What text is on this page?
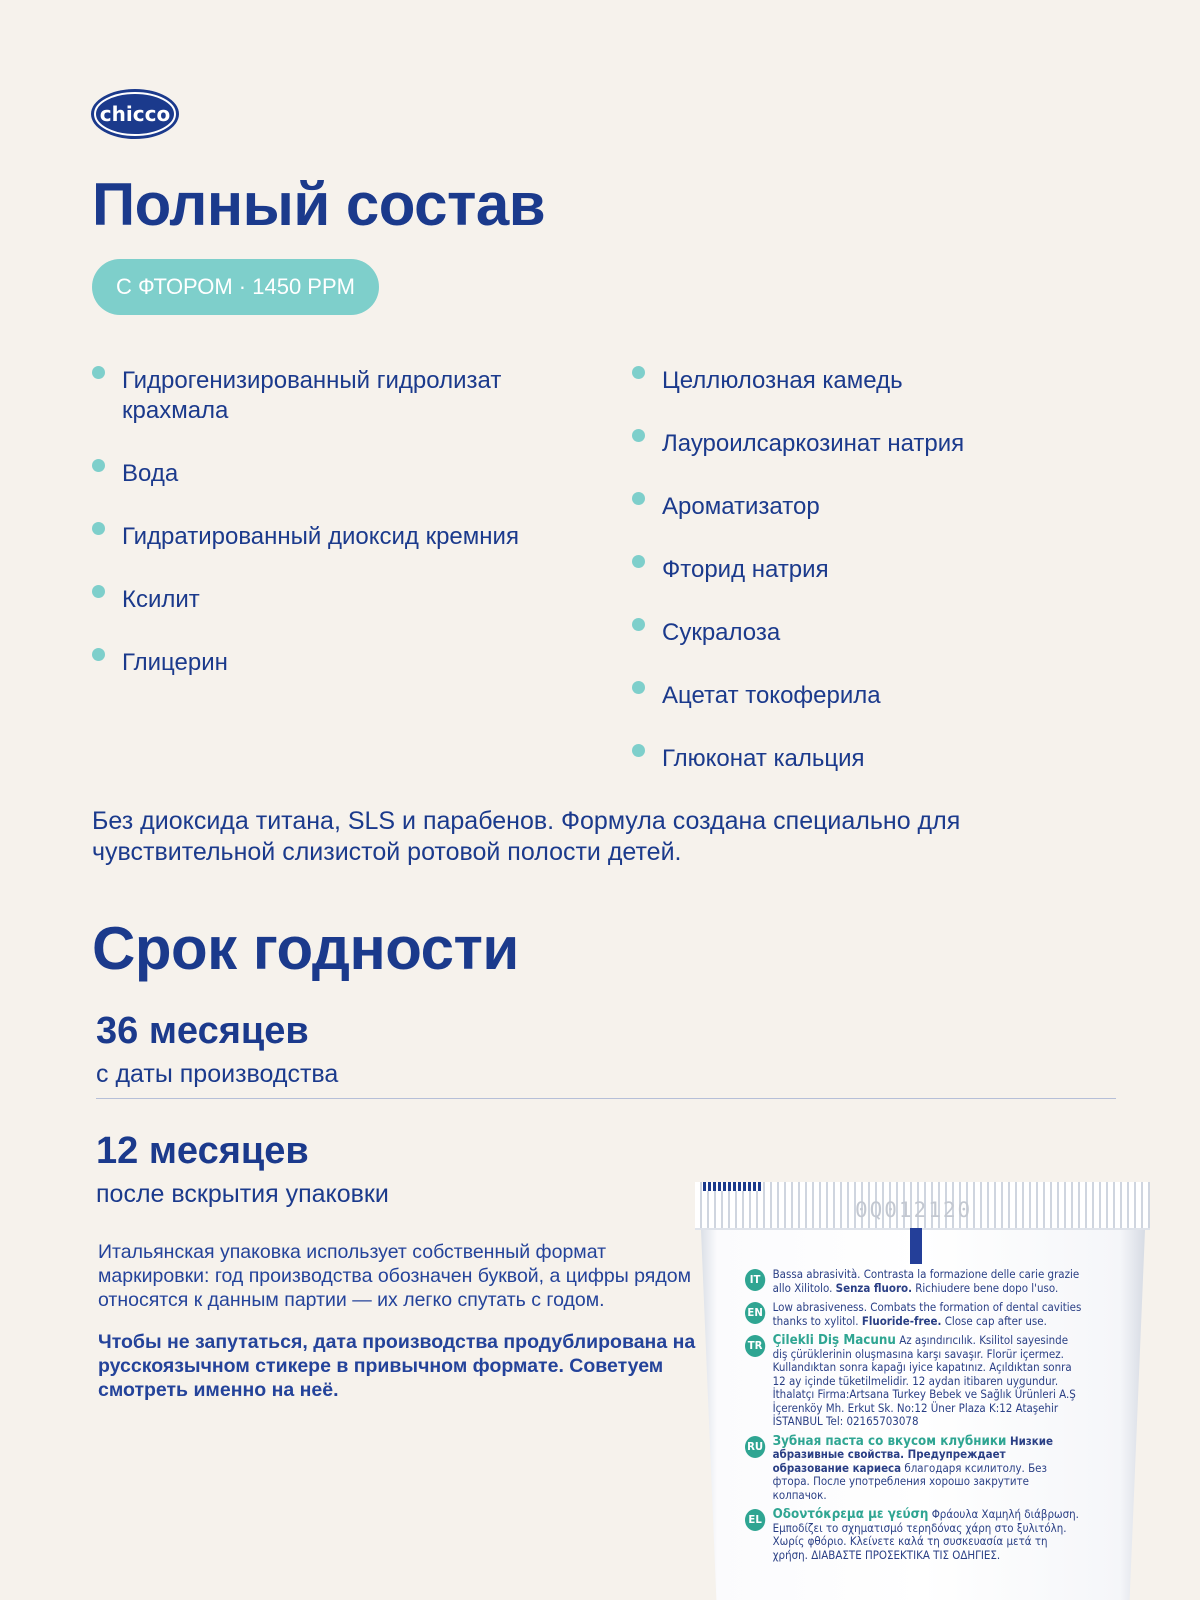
chicco
Полный состав
С ФТОРОМ · 1450 PPM
Гидрогенизированный гидролизат крахмала
Вода
Гидратированный диоксид кремния
Ксилит
Глицерин
Целлюлозная камедь
Лауроилсаркозинат натрия
Ароматизатор
Фторид натрия
Сукралоза
Ацетат токоферила
Глюконат кальция

Без диоксида титана, SLS и парабенов. Формула создана специально для чувствительной слизистой ротовой полости детей.

Срок годности

36 месяцев

с даты производства

12 месяцев

после вскрытия упаковки

Итальянская упаковка использует собственный формат маркировки: год производства обозначен буквой, а цифры рядом относятся к данным партии — их легко спутать с годом.

Чтобы не запутаться, дата производства продублирована на русскоязычном стикере в привычном формате. Советуем смотреть именно на неё.

0Q012120
IT	Bassa abrasività. Contrasta la formazione delle carie grazie allo Xilitolo. Senza fluoro. Richiudere bene dopo l'uso.
EN Low abrasiveness. Combats the formation of dental cavities thanks to xylitol. Fluoride-free. Close cap after use.
TR Çilekli Diş Macunu Az aşındırıcılık. Ksilitol sayesinde diş çürüklerinin oluşmasına karşı savaşır. Florür içermez. Kullandıktan sonra kapağı iyice kapatınız. Açıldıktan sonra 12 ay içinde tüketilmelidir. 12 aydan itibaren uygundur.
İthalatçı Firma:Artsana Turkey Bebek ve Sağlık Ürünleri A.Ş İçerenköy Mh. Erkut Sk. No:12 Üner Plaza K:12 Ataşehir İSTANBUL Tel: 02165703078
RU Зубная паста со вкусом клубники Низкие абразивные свойства. Предупреждает образование кариеса благодаря ксилитолу. Без фтора. После употребления хорошо закрутите колпачок.
EL Οδοντόκρεμα με γεύση Φράουλα Χαμηλή διάβρωση. Εμποδίζει το σχηματισμό τερηδόνας χάρη στο ξυλιτόλη. Χωρίς φθόριο. Κλείνετε καλά τη συσκευασία μετά τη χρήση. ΔΙΑΒΑΣΤΕ ΠΡΟΣΕΚΤΙΚΑ ΤΙΣ ΟΔΗΓΙΕΣ.
